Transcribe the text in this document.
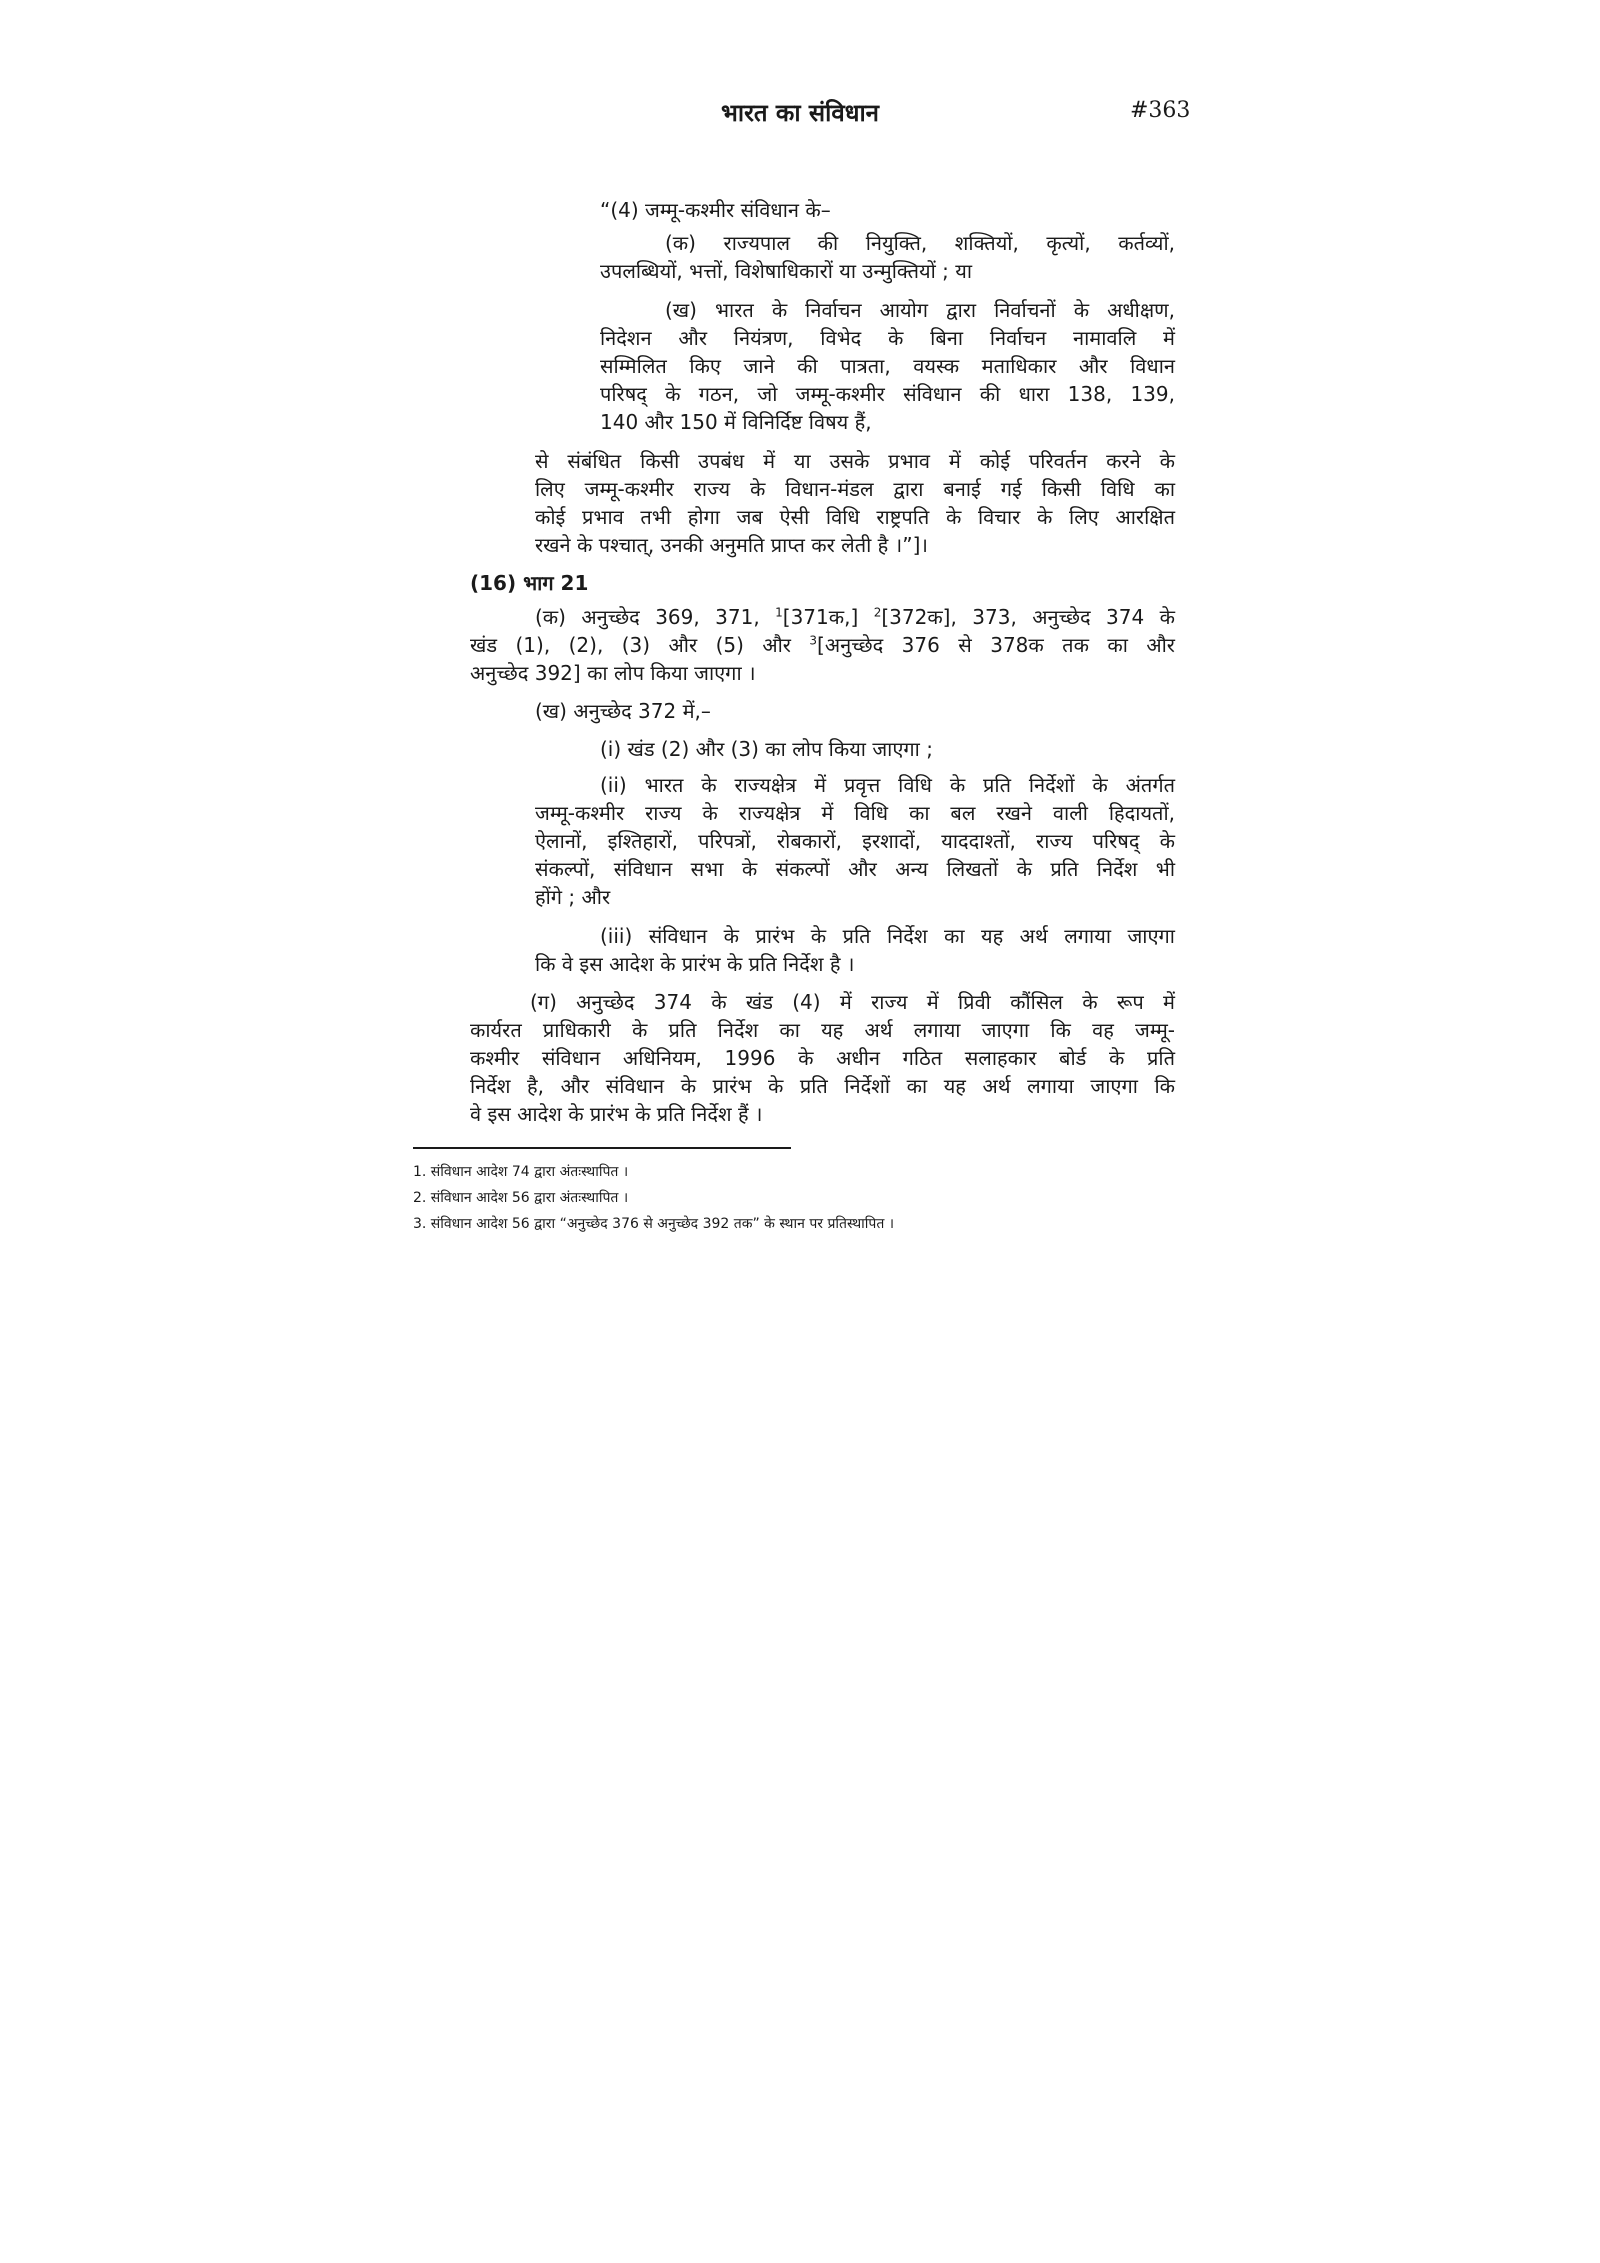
भारत का संविधान	#363
“(4) जम्मू-कश्मीर संविधान के–
(क) राज्यपाल की नियुक्ति, शक्तियों, कृत्यों, कर्तव्यों,
उपलब्धियों, भत्तों, विशेषाधिकारों या उन्मुक्तियों ; या
(ख) भारत के निर्वाचन आयोग द्वारा निर्वाचनों के अधीक्षण,
निदेशन और नियंत्रण, विभेद के बिना निर्वाचन नामावलि में
सम्मिलित किए जाने की पात्रता, वयस्क मताधिकार और विधान
परिषद् के गठन, जो जम्मू-कश्मीर संविधान की धारा 138, 139,
140 और 150 में विनिर्दिष्ट विषय हैं,
से संबंधित किसी उपबंध में या उसके प्रभाव में कोई परिवर्तन करने के
लिए जम्मू-कश्मीर राज्य के विधान-मंडल द्वारा बनाई गई किसी विधि का
कोई प्रभाव तभी होगा जब ऐसी विधि राष्ट्रपति के विचार के लिए आरक्षित
रखने के पश्चात्, उनकी अनुमति प्राप्त कर लेती है ।”]।
(16) भाग 21
(क) अनुच्छेद 369, 371, $^1$[371क,] $^2$[372क], 373, अनुच्छेद 374 के
खंड (1), (2), (3) और (5) और $^3$[अनुच्छेद 376 से 378क तक का और
अनुच्छेद 392] का लोप किया जाएगा ।
(ख) अनुच्छेद 372 में,–
(i) खंड (2) और (3) का लोप किया जाएगा ;
(ii) भारत के राज्यक्षेत्र में प्रवृत्त विधि के प्रति निर्देशों के अंतर्गत
जम्मू-कश्मीर राज्य के राज्यक्षेत्र में विधि का बल रखने वाली हिदायतों,
ऐलानों, इश्तिहारों, परिपत्रों, रोबकारों, इरशादों, याददाश्तों, राज्य परिषद् के
संकल्पों, संविधान सभा के संकल्पों और अन्य लिखतों के प्रति निर्देश भी
होंगे ; और
(iii) संविधान के प्रारंभ के प्रति निर्देश का यह अर्थ लगाया जाएगा
कि वे इस आदेश के प्रारंभ के प्रति निर्देश है ।
(ग) अनुच्छेद 374 के खंड (4) में राज्य में प्रिवी कौंसिल के रूप में
कार्यरत प्राधिकारी के प्रति निर्देश का यह अर्थ लगाया जाएगा कि वह जम्मू-
कश्मीर संविधान अधिनियम, 1996 के अधीन गठित सलाहकार बोर्ड के प्रति
निर्देश है, और संविधान के प्रारंभ के प्रति निर्देशों का यह अर्थ लगाया जाएगा कि
वे इस आदेश के प्रारंभ के प्रति निर्देश हैं ।
1. संविधान आदेश 74 द्वारा अंतःस्थापित ।
2. संविधान आदेश 56 द्वारा अंतःस्थापित ।
3. संविधान आदेश 56 द्वारा “अनुच्छेद 376 से अनुच्छेद 392 तक” के स्थान पर प्रतिस्थापित ।
